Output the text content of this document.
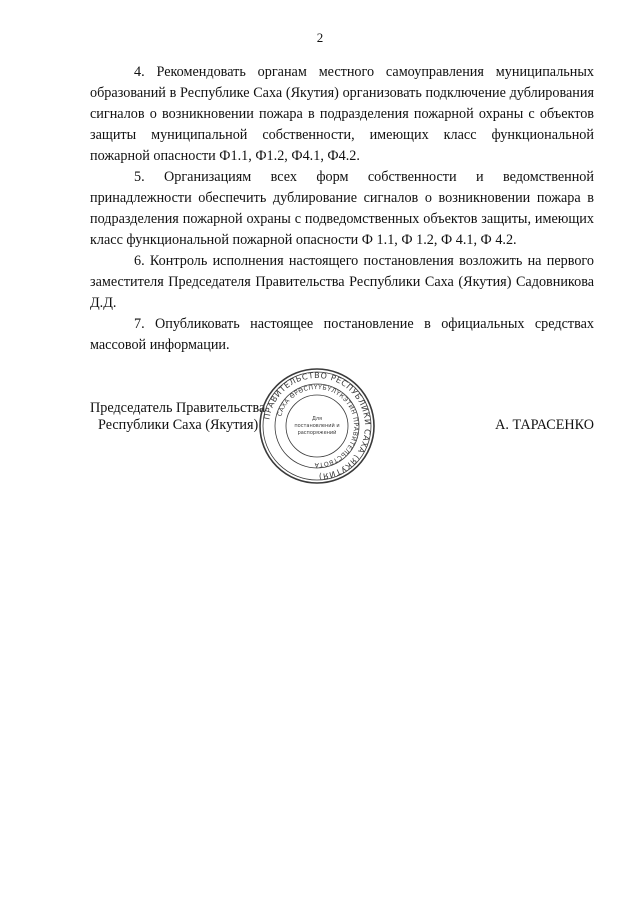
2

4. Рекомендовать органам местного самоуправления муниципальных образований в Республике Саха (Якутия) организовать подключение дублирования сигналов о возникновении пожара в подразделения пожарной охраны с объектов защиты муниципальной собственности, имеющих класс функциональной пожарной опасности Ф1.1, Ф1.2, Ф4.1, Ф4.2.

5. Организациям всех форм собственности и ведомственной принадлежности обеспечить дублирование сигналов о возникновении пожара в подразделения пожарной охраны с подведомственных объектов защиты, имеющих класс функциональной пожарной опасности Ф 1.1, Ф 1.2, Ф 4.1, Ф 4.2.

6. Контроль исполнения настоящего постановления возложить на первого заместителя Председателя Правительства Республики Саха (Якутия) Садовникова Д.Д.

7. Опубликовать настоящее постановление в официальных средствах массовой информации.

Председатель Правительства
Республики Саха (Якутия)	А. ТАРАСЕНКО
ПРАВИТЕЛЬСТВО РЕСПУБЛИКИ САХА (ЯКУТИЯ)
САХА ӨРӨСПҮҮБҮЛҮКЭТИН ПРАВИТЕЛЬСТВОТА
Для
постановлений и
распоряжений
